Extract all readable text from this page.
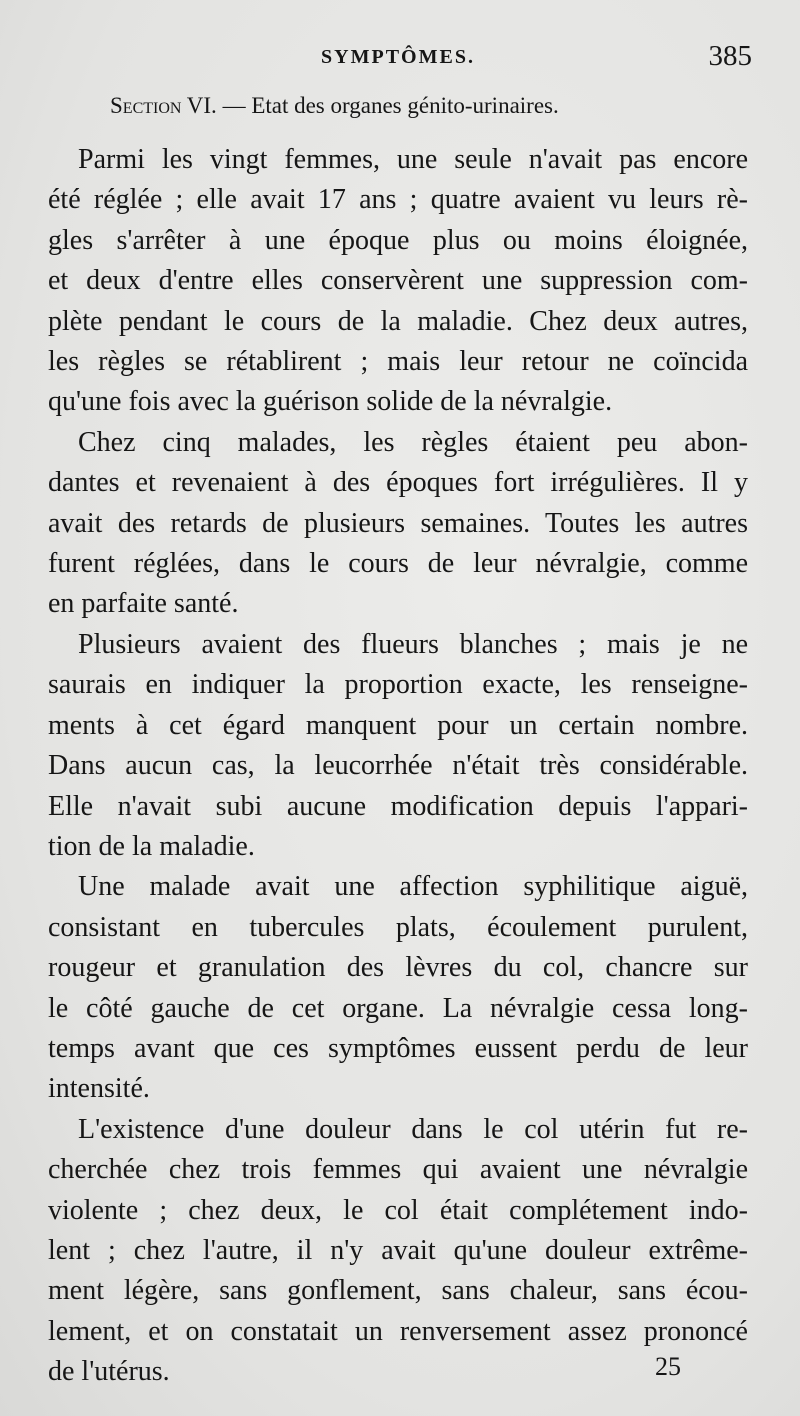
SYMPTÔMES.	385
Section VI. — Etat des organes génito-urinaires.

Parmi les vingt femmes, une seule n'avait pas encore
été réglée ; elle avait 17 ans ; quatre avaient vu leurs rè-
gles s'arrêter à une époque plus ou moins éloignée,
et deux d'entre elles conservèrent une suppression com-
plète pendant le cours de la maladie. Chez deux autres,
les règles se rétablirent ; mais leur retour ne coïncida
qu'une fois avec la guérison solide de la névralgie.

Chez cinq malades, les règles étaient peu abon-
dantes et revenaient à des époques fort irrégulières. Il y
avait des retards de plusieurs semaines. Toutes les autres
furent réglées, dans le cours de leur névralgie, comme
en parfaite santé.

Plusieurs avaient des flueurs blanches ; mais je ne
saurais en indiquer la proportion exacte, les renseigne-
ments à cet égard manquent pour un certain nombre.
Dans aucun cas, la leucorrhée n'était très considérable.
Elle n'avait subi aucune modification depuis l'appari-
tion de la maladie.

Une malade avait une affection syphilitique aiguë,
consistant en tubercules plats, écoulement purulent,
rougeur et granulation des lèvres du col, chancre sur
le côté gauche de cet organe. La névralgie cessa long-
temps avant que ces symptômes eussent perdu de leur
intensité.

L'existence d'une douleur dans le col utérin fut re-
cherchée chez trois femmes qui avaient une névralgie
violente ; chez deux, le col était complétement indo-
lent ; chez l'autre, il n'y avait qu'une douleur extrême-
ment légère, sans gonflement, sans chaleur, sans écou-
lement, et on constatait un renversement assez prononcé
de l'utérus.	25
